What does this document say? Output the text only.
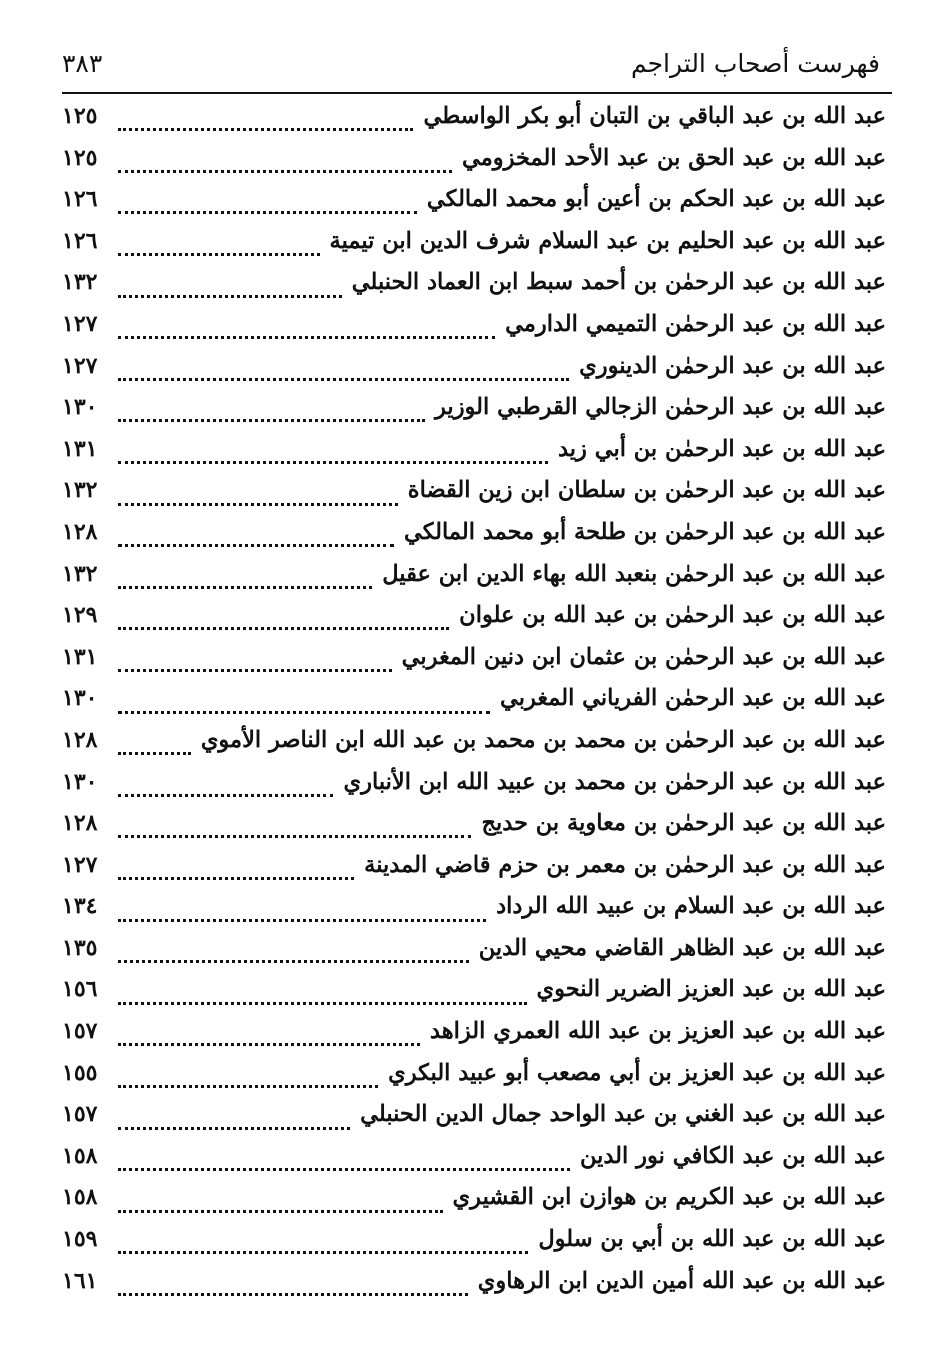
فهرست أصحاب التراجم
٣٨٣
عبد الله بن عبد الباقي بن التبان أبو بكر الواسطي
١٢٥
عبد الله بن عبد الحق بن عبد الأحد المخزومي
١٢٥
عبد الله بن عبد الحكم بن أعين أبو محمد المالكي
١٢٦
عبد الله بن عبد الحليم بن عبد السلام شرف الدين ابن تيمية
١٢٦
عبد الله بن عبد الرحمٰن بن أحمد سبط ابن العماد الحنبلي
١٣٢
عبد الله بن عبد الرحمٰن التميمي الدارمي
١٢٧
عبد الله بن عبد الرحمٰن الدينوري
١٢٧
عبد الله بن عبد الرحمٰن الزجالي القرطبي الوزير
١٣٠
عبد الله بن عبد الرحمٰن بن أبي زيد
١٣١
عبد الله بن عبد الرحمٰن بن سلطان ابن زين القضاة
١٣٢
عبد الله بن عبد الرحمٰن بن طلحة أبو محمد المالكي
١٢٨
عبد الله بن عبد الرحمٰن بنعبد الله بهاء الدين ابن عقيل
١٣٢
عبد الله بن عبد الرحمٰن بن عبد الله بن علوان
١٢٩
عبد الله بن عبد الرحمٰن بن عثمان ابن دنين المغربي
١٣١
عبد الله بن عبد الرحمٰن الفرياني المغربي
١٣٠
عبد الله بن عبد الرحمٰن بن محمد بن محمد بن عبد الله ابن الناصر الأموي
١٢٨
عبد الله بن عبد الرحمٰن بن محمد بن عبيد الله ابن الأنباري
١٣٠
عبد الله بن عبد الرحمٰن بن معاوية بن حديج
١٢٨
عبد الله بن عبد الرحمٰن بن معمر بن حزم قاضي المدينة
١٢٧
عبد الله بن عبد السلام بن عبيد الله الرداد
١٣٤
عبد الله بن عبد الظاهر القاضي محيي الدين
١٣٥
عبد الله بن عبد العزيز الضرير النحوي
١٥٦
عبد الله بن عبد العزيز بن عبد الله العمري الزاهد
١٥٧
عبد الله بن عبد العزيز بن أبي مصعب أبو عبيد البكري
١٥٥
عبد الله بن عبد الغني بن عبد الواحد جمال الدين الحنبلي
١٥٧
عبد الله بن عبد الكافي نور الدين
١٥٨
عبد الله بن عبد الكريم بن هوازن ابن القشيري
١٥٨
عبد الله بن عبد الله بن أبي بن سلول
١٥٩
عبد الله بن عبد الله أمين الدين ابن الرهاوي
١٦١
